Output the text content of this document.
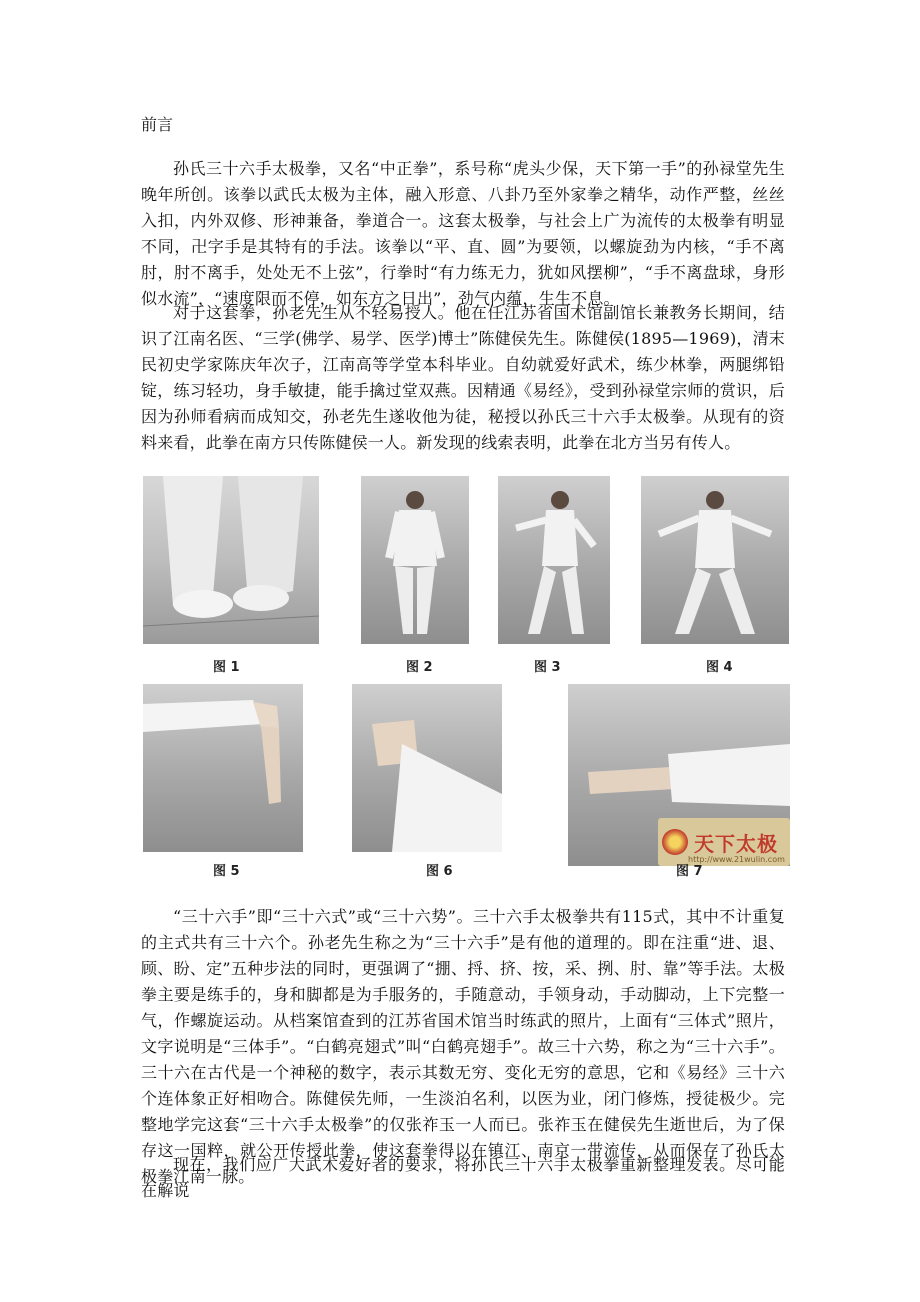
前言

孙氏三十六手太极拳，又名“中正拳”，系号称“虎头少保，天下第一手”的孙禄堂先生晚年所创。该拳以武氏太极为主体，融入形意、八卦乃至外家拳之精华，动作严整，丝丝入扣，内外双修、形神兼备，拳道合一。这套太极拳，与社会上广为流传的太极拳有明显不同，卍字手是其特有的手法。该拳以“平、直、圆”为要领，以螺旋劲为内核，“手不离肘，肘不离手，处处无不上弦”，行拳时“有力练无力，犹如风摆柳”，“手不离盘球，身形似水流”，“速度限而不停，如东方之日出”，劲气内蕴，生生不息。

对于这套拳，孙老先生从不轻易授人。他在任江苏省国术馆副馆长兼教务长期间，结识了江南名医、“三学(佛学、易学、医学)博士”陈健侯先生。陈健侯(1895—1969)，清末民初史学家陈庆年次子，江南高等学堂本科毕业。自幼就爱好武术，练少林拳，两腿绑铅锭，练习轻功，身手敏捷，能手擒过堂双燕。因精通《易经》，受到孙禄堂宗师的赏识，后因为孙师看病而成知交，孙老先生遂收他为徒，秘授以孙氏三十六手太极拳。从现有的资料来看，此拳在南方只传陈健侯一人。新发现的线索表明，此拳在北方当另有传人。

图 1	图 2	图 3	图 4
图 5	图 6	图 7
天下太极
http://www.21wulin.com

“三十六手”即“三十六式”或“三十六势”。三十六手太极拳共有115式，其中不计重复的主式共有三十六个。孙老先生称之为“三十六手”是有他的道理的。即在注重“进、退、顾、盼、定”五种步法的同时，更强调了“掤、捋、挤、按，采、挒、肘、靠”等手法。太极拳主要是练手的，身和脚都是为手服务的，手随意动，手领身动，手动脚动，上下完整一气，作螺旋运动。从档案馆查到的江苏省国术馆当时练武的照片，上面有“三体式”照片，文字说明是“三体手”。“白鹤亮翅式”叫“白鹤亮翅手”。故三十六势，称之为“三十六手”。三十六在古代是一个神秘的数字，表示其数无穷、变化无穷的意思，它和《易经》三十六个连体象正好相吻合。陈健侯先师，一生淡泊名利，以医为业，闭门修炼，授徒极少。完整地学完这套“三十六手太极拳”的仅张祚玉一人而已。张祚玉在健侯先生逝世后，为了保存这一国粹，就公开传授此拳，使这套拳得以在镇江、南京一带流传，从而保存了孙氏太极拳江南一脉。

现在，我们应广大武术爱好者的要求，将孙氏三十六手太极拳重新整理发表。尽可能在解说
